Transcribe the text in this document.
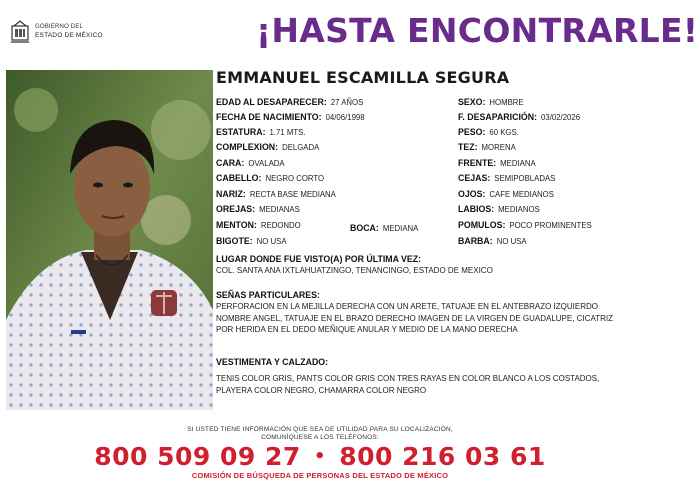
GOBIERNO DEL
ESTADO DE MÉXICO	¡HASTA ENCONTRARLE!
EMMANUEL ESCAMILLA SEGURA
EDAD AL DESAPARECER: 27 AÑOS
FECHA DE NACIMIENTO: 04/06/1998
ESTATURA: 1.71 MTS.
COMPLEXION: DELGADA
CARA: OVALADA
CABELLO: NEGRO CORTO
NARIZ: RECTA BASE MEDIANA
OREJAS: MEDIANAS
MENTON: REDONDO	BOCA: MEDIANA
BIGOTE: NO USA
SEXO: HOMBRE
F. DESAPARICIÓN: 03/02/2026
PESO: 60 KGS.
TEZ: MORENA
FRENTE: MEDIANA
CEJAS: SEMIPOBLADAS
OJOS: CAFE MEDIANOS
LABIOS: MEDIANOS
POMULOS: POCO PROMINENTES
BARBA: NO USA
LUGAR DONDE FUE VISTO(A) POR ÚLTIMA VEZ:
COL. SANTA ANA IXTLAHUATZINGO, TENANCINGO, ESTADO DE MEXICO
SEÑAS PARTICULARES:
PERFORACION EN LA MEJILLA DERECHA CON UN ARETE, TATUAJE EN EL ANTEBRAZO IZQUIERDO NOMBRE ANGEL, TATUAJE EN EL BRAZO DERECHO IMAGEN DE LA VIRGEN DE GUADALUPE, CICATRIZ POR HERIDA EN EL DEDO MEÑIQUE ANULAR Y MEDIO DE LA MANO DERECHA
VESTIMENTA Y CALZADO:
TENIS COLOR GRIS, PANTS COLOR GRIS CON TRES RAYAS EN COLOR BLANCO A LOS COSTADOS, PLAYERA COLOR NEGRO, CHAMARRA COLOR NEGRO
SI USTED TIENE INFORMACIÓN QUE SEA DE UTILIDAD PARA SU LOCALIZACIÓN,
COMUNÍQUESE A LOS TELÉFONOS:
800 509 09 27 • 800 216 03 61
COMISIÓN DE BÚSQUEDA DE PERSONAS DEL ESTADO DE MÉXICO
